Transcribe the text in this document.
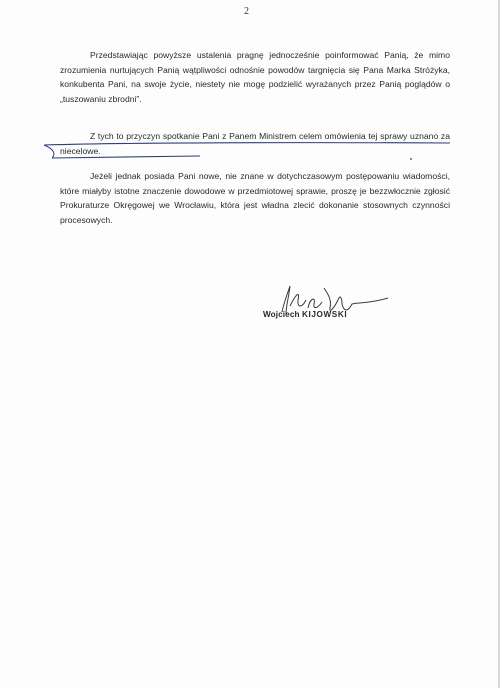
2
Przedstawiając powyższe ustalenia pragnę jednocześnie poinformować Panią, że mimo zrozumienia nurtujących Panią wątpliwości odnośnie powodów targnięcia się Pana Marka Stróżyka, konkubenta Pani, na swoje życie, niestety nie mogę podzielić wyrażanych przez Panią poglądów o „tuszowaniu zbrodni”.
Z tych to przyczyn spotkanie Pani z Panem Ministrem celem omówienia tej sprawy uznano za niecelowe.
Jeżeli jednak posiada Pani nowe, nie znane w dotychczasowym postępowaniu wiadomości, które miałyby istotne znaczenie dowodowe w przedmiotowej sprawie, proszę je bezzwłocznie zgłosić Prokuraturze Okręgowej we Wrocławiu, która jest władna zlecić dokonanie stosownych czynności procesowych.
Wojciech KIJOWSKI
